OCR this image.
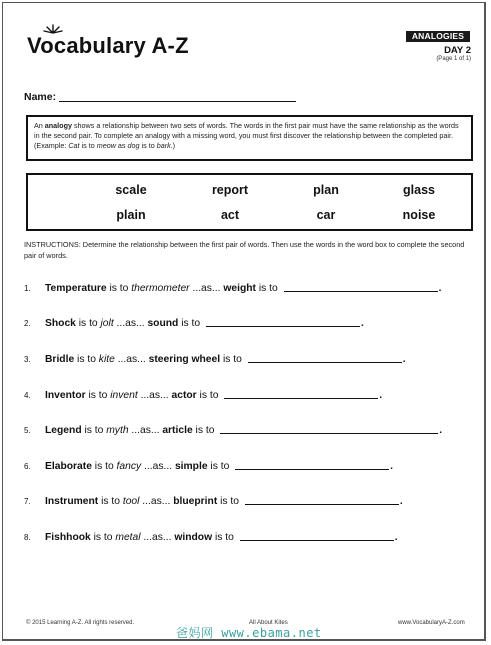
Vocabulary A-Z	ANALOGIES
DAY 2
(Page 1 of 1)
Name:
An analogy shows a relationship between two sets of words. The words in the first pair must have the same relationship as the words in the second pair. To complete an analogy with a missing word, you must first discover the relationship between the completed pair. (Example: Cat is to meow as dog is to bark.)
scale	report	plan	glass
plain	act	car	noise
INSTRUCTIONS: Determine the relationship between the first pair of words. Then use the words in the word box to complete the second pair of words.
1.	Temperature is to thermometer ...as... weight is to	.
2.	Shock is to jolt ...as... sound is to	.
3.	Bridle is to kite ...as... steering wheel is to	.
4.	Inventor is to invent ...as... actor is to	.
5.	Legend is to myth ...as... article is to	.
6.	Elaborate is to fancy ...as... simple is to	.
7.	Instrument is to tool ...as... blueprint is to	.
8.	Fishhook is to metal ...as... window is to	.
© 2015 Learning A-Z. All rights reserved.	All About Kites	www.VocabularyA-Z.com
爸妈网 www.ebama.net
